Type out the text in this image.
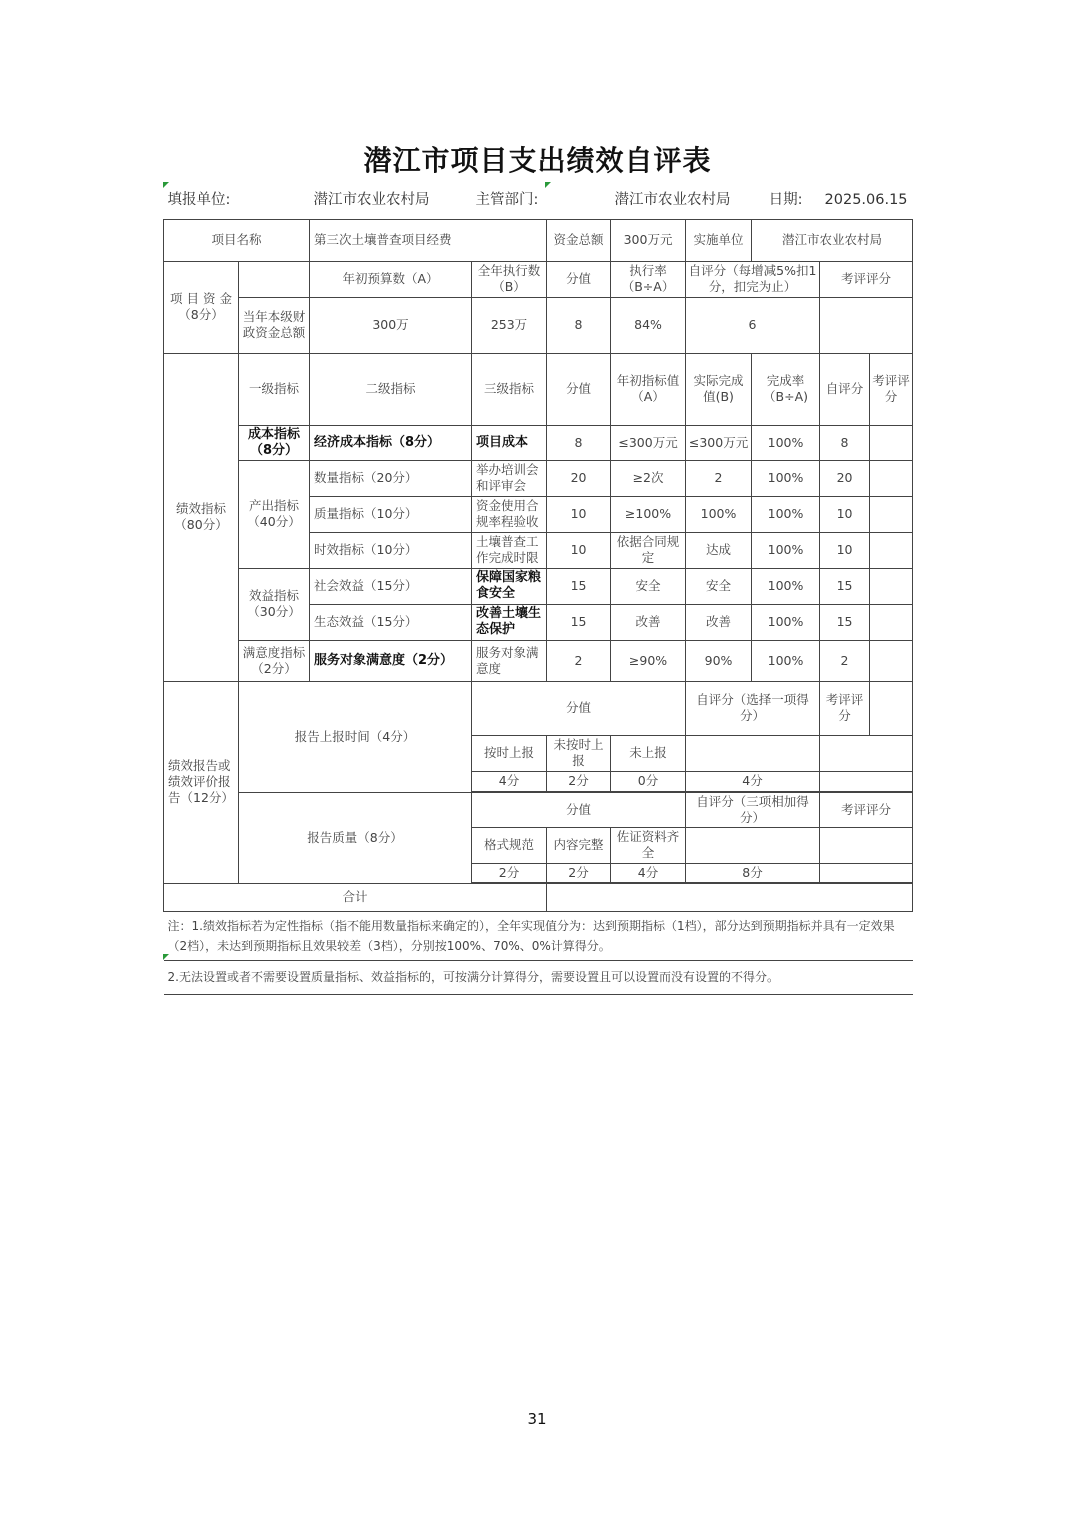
潜江市项目支出绩效自评表
填报单位:		潜江市农业农村局	主管部门:		潜江市农业农村局		日期:	2025.06.15	
项目名称		第三次土壤普查项目经费		资金总额	300万元	实施单位	潜江市农业农村局		
项 目 资 金（8分）		年初预算数（A）	全年执行数（B）	分值	执行率（B÷A）	自评分（每增减5%扣1分，扣完为止）		考评评分	
	当年本级财政资金总额	300万	253万	8	84%	6			
绩效指标（80分）	一级指标	二级指标	三级指标	分值	年初指标值（A）	实际完成值(B)	完成率（B÷A)	自评分	考评评分
	成本指标（8分）	经济成本指标（8分）	项目成本	8	≤300万元	≤300万元	100%	8	
	产出指标（40分）	数量指标（20分）	举办培训会和评审会	20	≥2次	2	100%	20	
		质量指标（10分）	资金使用合规率程验收	10	≥100%	100%	100%	10	
		时效指标（10分）	土壤普查工作完成时限	10	依据合同规定	达成	100%	10	
	效益指标（30分）	社会效益（15分）	保障国家粮食安全	15	安全	安全	100%	15	
		生态效益（15分）	改善土壤生态保护	15	改善	改善	100%	15	
	满意度指标（2分）	服务对象满意度（2分）	服务对象满意度	2	≥90%	90%	100%	2	
绩效报告或绩效评价报告（12分）	报告上报时间（4分）		分值			自评分（选择一项得分）		考评评分	
			按时上报	未按时上报	未上报				
			4分	2分	0分	4分			

	报告质量（8分）		分值			自评分（三项相加得分）		考评评分	
			格式规范	内容完整	佐证资料齐全				
			2分	2分	4分	8分			

合计									
注：1.绩效指标若为定性指标（指不能用数量指标来确定的），全年实现值分为：达到预期指标（1档），部分达到预期指标并具有一定效果（2档），未达到预期指标且效果较差（3档），分别按100%、70%、0%计算得分。									
2.无法设置或者不需要设置质量指标、效益指标的，可按满分计算得分，需要设置且可以设置而没有设置的不得分。									
31
